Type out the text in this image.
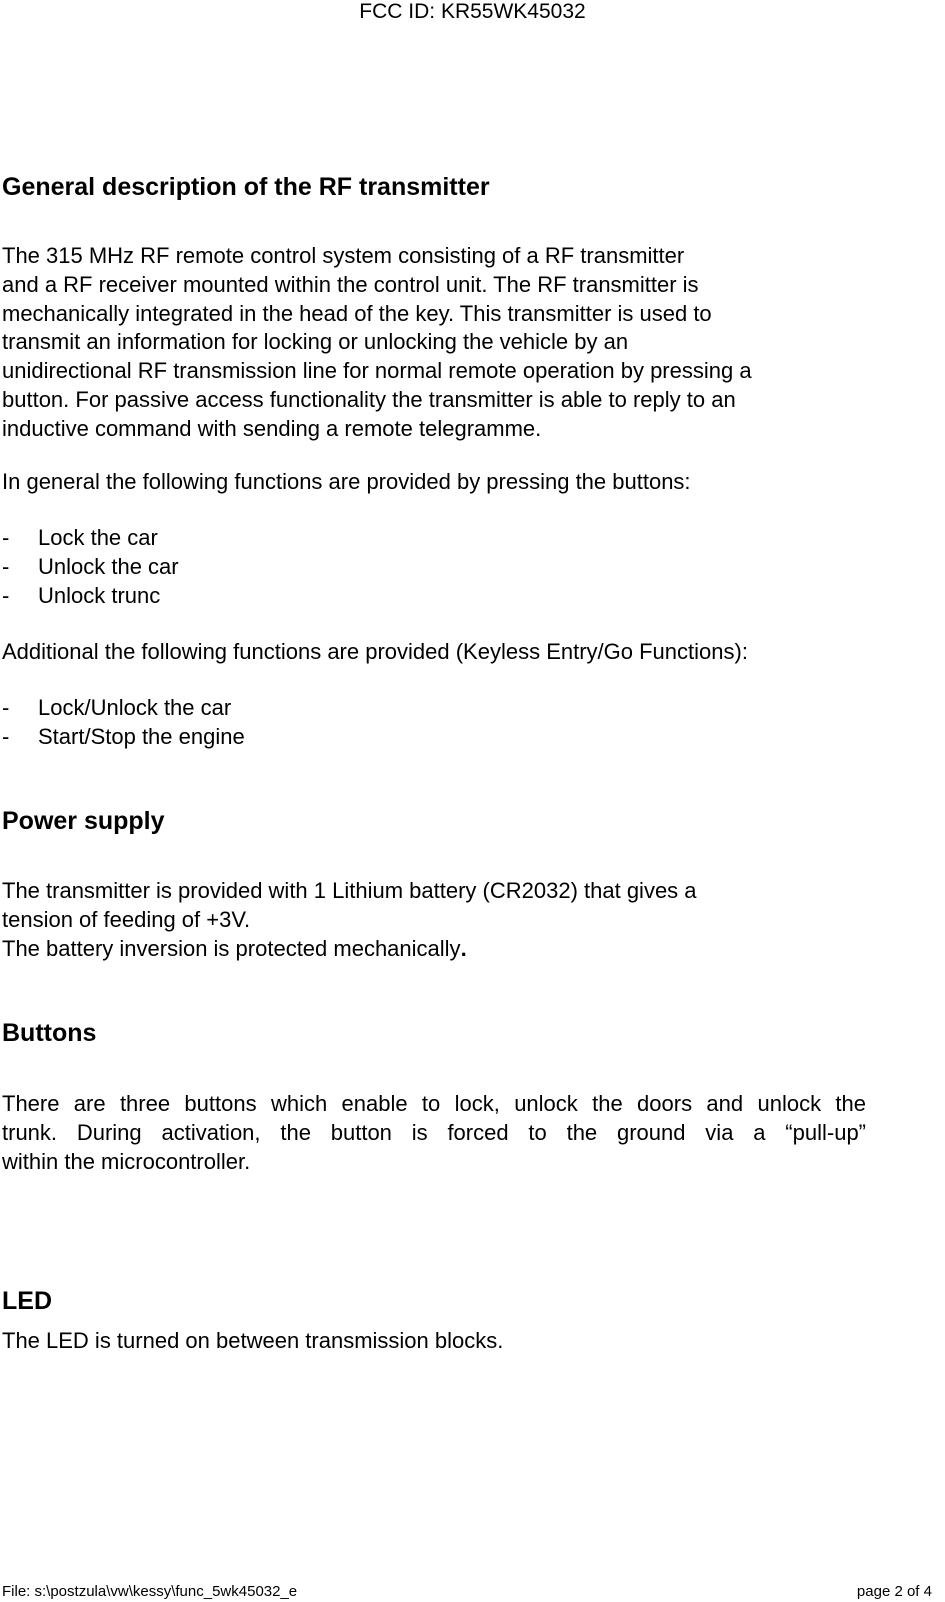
FCC ID: KR55WK45032
General description of the RF transmitter
The 315 MHz RF remote control system consisting of a RF transmitter
and a RF receiver mounted within the control unit. The RF transmitter is
mechanically integrated in the head of the key. This transmitter is used to
transmit an information for locking or unlocking the vehicle by an
unidirectional RF transmission line for normal remote operation by pressing a
button. For passive access functionality the transmitter is able to reply to an
inductive command with sending a remote telegramme.
In general the following functions are provided by pressing the buttons:
-	Lock the car
-	Unlock the car
-	Unlock trunc
Additional the following functions are provided (Keyless Entry/Go Functions):
-	Lock/Unlock the car
-	Start/Stop the engine
Power supply
The transmitter is provided with 1 Lithium battery (CR2032) that gives a
tension of feeding of +3V.
The battery inversion is protected mechanically.
Buttons
There are three buttons which enable to lock, unlock the doors and unlock the
trunk. During activation, the button is forced to the ground via a “pull-up”
within the microcontroller.
LED
The LED is turned on between transmission blocks.
File: s:\postzula\vw\kessy\func_5wk45032_e	page 2 of 4
